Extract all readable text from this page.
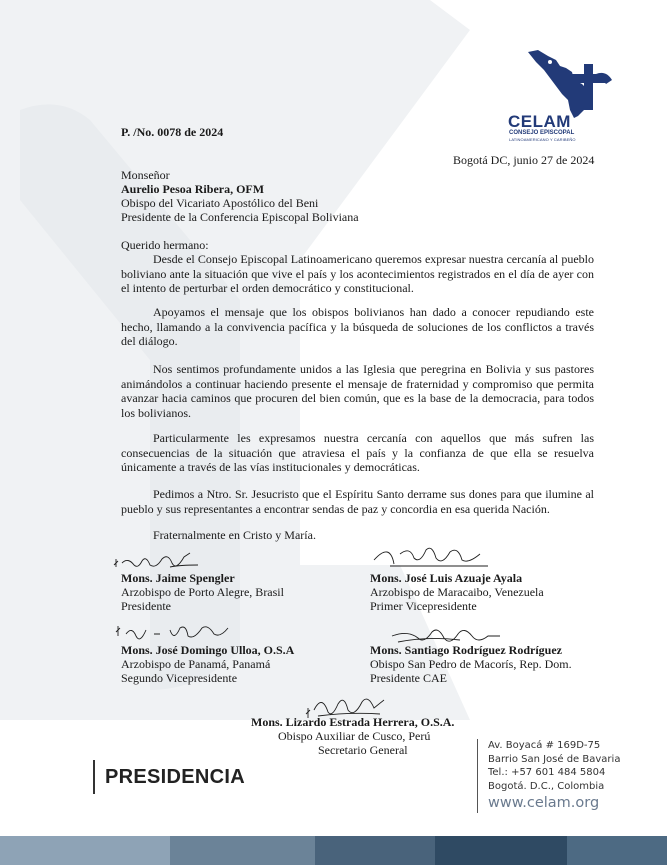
CELAM
CONSEJO EPISCOPAL
LATINOAMERICANO Y CARIBEÑO
P. /No. 0078 de 2024
Bogotá DC, junio 27 de 2024
Monseñor
Aurelio Pesoa Ribera, OFM
Obispo del Vicariato Apostólico del Beni
Presidente de la Conferencia Episcopal Boliviana
Querido hermano:
Desde el Consejo Episcopal Latinoamericano queremos expresar nuestra cercanía al pueblo boliviano ante la situación que vive el país y los acontecimientos registrados en el día de ayer con el intento de perturbar el orden democrático y constitucional.
Apoyamos el mensaje que los obispos bolivianos han dado a conocer repudiando este hecho, llamando a la convivencia pacífica y la búsqueda de soluciones de los conflictos a través del diálogo.
Nos sentimos profundamente unidos a las Iglesia que peregrina en Bolivia y sus pastores animándolos a continuar haciendo presente el mensaje de fraternidad y compromiso que permita avanzar hacia caminos que procuren del bien común, que es la base de la democracia, para todos los bolivianos.
Particularmente les expresamos nuestra cercanía con aquellos que más sufren las consecuencias de la situación que atraviesa el país y la confianza de que ella se resuelva únicamente a través de las vías institucionales y democráticas.
Pedimos a Ntro. Sr. Jesucristo que el Espíritu Santo derrame sus dones para que ilumine al pueblo y sus representantes a encontrar sendas de paz y concordia en esa querida Nación.
Fraternalmente en Cristo y María.
Mons. Jaime Spengler
Arzobispo de Porto Alegre, Brasil
Presidente
Mons. José Luis Azuaje Ayala
Arzobispo de Maracaibo, Venezuela
Primer Vicepresidente
Mons. José Domingo Ulloa, O.S.A
Arzobispo de Panamá, Panamá
Segundo Vicepresidente
Mons. Santiago Rodríguez Rodríguez
Obispo San Pedro de Macorís, Rep. Dom.
Presidente CAE
Mons. Lizardo Estrada Herrera, O.S.A.
Obispo Auxiliar de Cusco, Perú
Secretario General
PRESIDENCIA
Av. Boyacá # 169D-75
Barrio San José de Bavaria
Tel.: +57 601 484 5804
Bogotá. D.C., Colombia
www.celam.org
